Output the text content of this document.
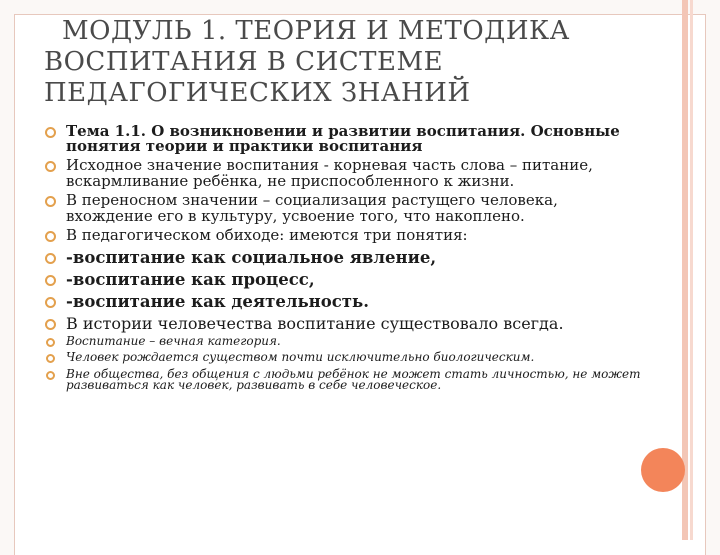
МОДУЛЬ 1. ТЕОРИЯ И МЕТОДИКА
ВОСПИТАНИЯ В СИСТЕМЕ
ПЕДАГОГИЧЕСКИХ ЗНАНИЙ
Тема 1.1. О возникновении и развитии воспитания. Основные понятия теории и практики воспитания
Исходное значение воспитания - корневая часть слова – питание, вскармливание ребёнка, не приспособленного к жизни.
В переносном значении – социализация растущего человека, вхождение его в культуру, усвоение того, что накоплено.
В педагогическом обиходе: имеются три понятия:
-воспитание как социальное явление,
-воспитание как процесс,
-воспитание как деятельность.
В истории человечества воспитание существовало всегда.
Воспитание – вечная категория.
Человек рождается существом почти исключительно биологическим.
Вне общества, без общения с людьми ребёнок не может стать личностью, не может развиваться как человек, развивать в себе человеческое.
